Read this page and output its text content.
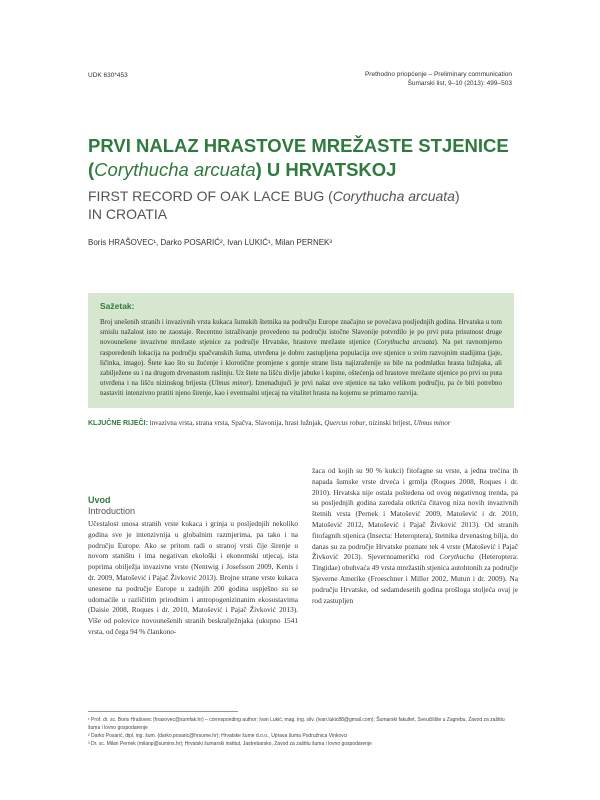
UDK 630*453	Prethodno priopćenje – Preliminary communication
Šumarski list, 9–10 (2013): 499–503
PRVI NALAZ HRASTOVE MREŽASTE STJENICE
(Corythucha arcuata) U HRVATSKOJ
FIRST RECORD OF OAK LACE BUG (Corythucha arcuata)
IN CROATIA
Boris HRAŠOVEC¹, Darko POSARIĆ², Ivan LUKIĆ¹, Milan PERNEK³
Sažetak:

Broj unešenih stranih i invazivnih vrsta kukaca šumskih štetnika na području Europe značajno se povećava posljednjih godina. Hrvatska u tom smislu nažalost isto ne zaostaje. Recentno istraživanje provedeno na području istočne Slavonije potvrdilo je po prvi puta prisutnost druge novounešene invazivne mrežaste stjenice za područje Hrvatske, hrastove mrežaste stjenice (Corythucha arcuata). Na pet ravnomjerno raspoređenih lokacija na području spačvanskih šuma, utvrđena je dobro zastupljena populacija ove stjenice u svim razvojnim stadijima (jaje, ličinka, imago). Štete kao što su žućenje i klorotične promjene s gornje strane lista najizraženije su bile na podmlatku hrasta lužnjaka, ali zabilježene su i na drugom drvenastom raslinju. Uz štete na lišću divlje jabuke i kupine, oštećenja od hrastove mrežaste stjenice po prvi su puta utvrđena i na lišću nizinskog brijesta (Ulmus minor). Iznenađujući je prvi nalaz ove stjenice na tako velikom području, pa će biti potrebno nastaviti intenzivno pratiti njeno širenje, kao i eventualni utjecaj na vitalitet hrasta na kojemu se primarno razvija.

KLJUČNE RIJEČI: invazivna vrsta, strana vrsta, Spačva, Slavonija, hrast lužnjak, Quercus robur, nizinski brijest, Ulmus minor
Uvod
Introduction

Učestalost unosa stranih vrste kukaca i grinja u posljednjih nekoliko godina sve je intenzivnija u globalnim razmjerima, pa tako i na području Europe. Ako se pritom radi o stranoj vrsti čije širenje u novom staništu i ima negativan ekološki i ekonomski utjecaj, ista poprima obilježja invazivne vrste (Nentwig i Josefsson 2009, Kenis i dr. 2009, Matošević i Pajač Živković 2013). Brojne strane vrste kukaca unesene na područje Europe u zadnjih 200 godina uspješno su se udomaćile u različitim prirodnim i antropogenizinanim ekosustavima (Daisie 2008, Roques i dr. 2010, Matošević i Pajač Živković 2013). Više od polovice novounešenih stranih beskralježnjaka (ukupno 1541 vrsta, od čega 94 % člankono-

žaca od kojih su 90 % kukci) fitofagne su vrste, a jedna trećina ih napada šumske vrste drveća i grmlja (Roques 2008, Roques i dr. 2010). Hrvatska nije ostala pošteđena od ovog negativnog trenda, pa su posljednjih godina zaredala otkrića čitavog niza novih invazivnih štetnih vrsta (Pernek i Matošević 2009, Matošević i dr. 2010, Matošević 2012, Matošević i Pajač Živković 2013). Od stranih fitofagnih stjenica (Insecta: Heteroptera), štetnika drvenastog bilja, do danas su za područje Hrvatske poznate tek 4 vrste (Matošević i Pajač Živković 2013). Sjevernoamerički rod Corythucha (Heteroptera: Tingidae) obuhvaća 49 vrsta mrežastih stjenica autohtonih za područje Sjeverne Amerike (Froeschner i Miller 2002, Mutun i dr. 2009). Na području Hrvatske, od sedamdesetih godina prošloga stoljeća ovaj je rod zastupljen

¹ Prof. dr. sc. Boris Hrašovec (hrasovec@sumfak.hr) – corresponding author; Ivan Lukić, mag. ing. silv. (ivan.lukic88@gmail.com); Šumarski fakultet, Sveučilište u Zagrebu, Zavod za zaštitu šuma i lovno gospodarenje

² Darko Posarić, dipl. ing. šum. (darko.posaric@hrsume.hr); Hrvatske šume d.o.o., Uprava šuma Podružnica Vinkovci

³ Dr. sc. Milan Pernek (milanp@sumins.hr); Hrvatski šumarski institut, Jastrebarsko, Zavod za zaštitu šuma i lovno gospodarenje
